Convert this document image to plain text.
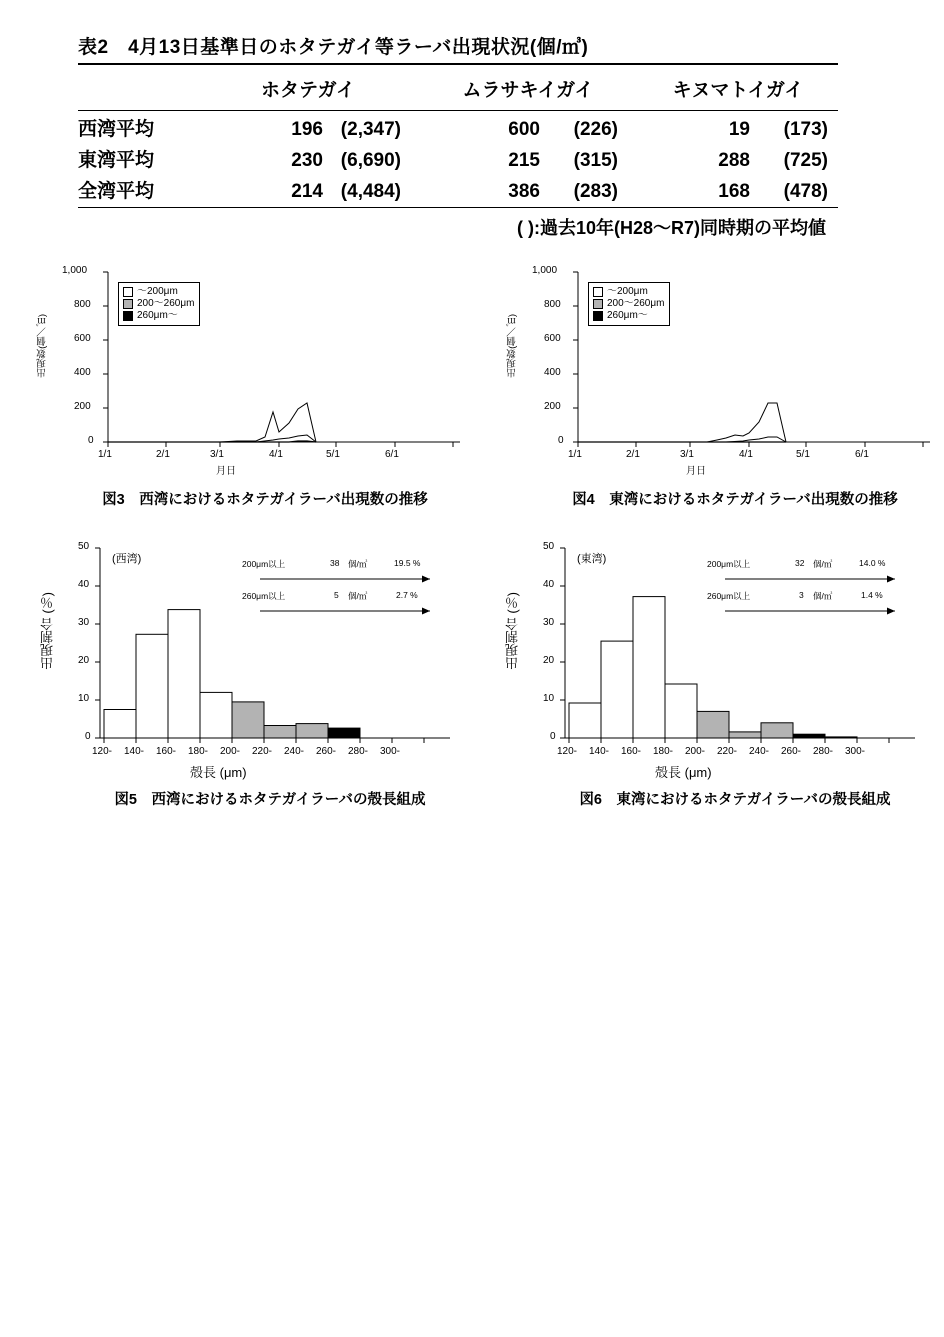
表2　4月13日基準日のホタテガイ等ラーバ出現状況(個/㎥)
ホタテガイ	ムラサキイガイ	キヌマトイガイ
西湾平均	196 (2,347)	600	(226)	19	(173)
東湾平均	230 (6,690)	215	(315)	288	(725)
全湾平均	214 (4,484)	386	(283)	168	(478)
( ):過去10年(H28〜R7)同時期の平均値
出現数(個／㎥)
1,000
800
600
400
200
0
1/1	2/1	3/1	4/1	5/1	6/1
月日
〜200μm
200〜260μm
260μm〜
図3　西湾におけるホタテガイラーバ出現数の推移
出現数(個／㎥)
1,000
800
600
400
200
0
1/1	2/1	3/1	4/1	5/1	6/1
月日
〜200μm
200〜260μm
260μm〜
図4　東湾におけるホタテガイラーバ出現数の推移
出現割合 (％)
50
40
30
20
10
0
120- 140- 160- 180- 200- 220- 240- 260- 280- 300-
殻長 (μm)
(西湾)	200μm以上	38 個/㎥	19.5 %
260μm以上	5 個/㎥	2.7 %
図5　西湾におけるホタテガイラーバの殻長組成
出現割合 (％)
50
40
30
20
10
0
120- 140- 160- 180- 200- 220- 240- 260- 280- 300-
殻長 (μm)
(東湾)	200μm以上	32 個/㎥	14.0 %
260μm以上	3 個/㎥	1.4 %
図6　東湾におけるホタテガイラーバの殻長組成
